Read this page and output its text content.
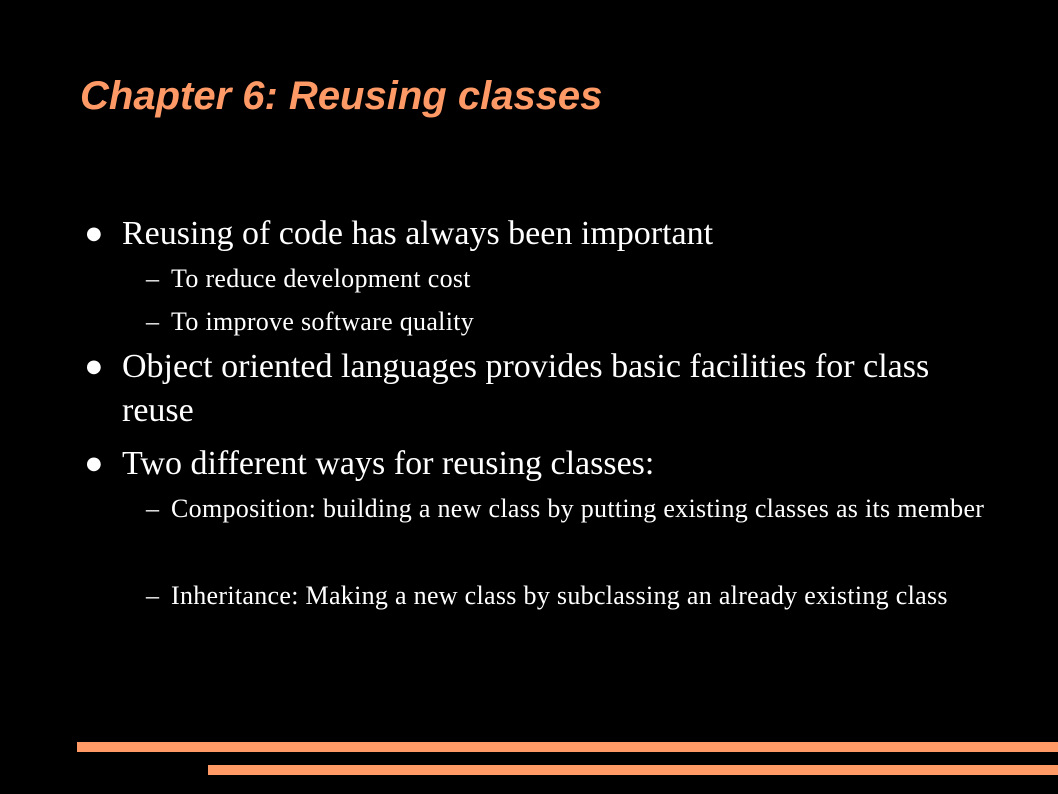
Chapter 6: Reusing classes
● Reusing of code has always been important
– To reduce development cost
– To improve software quality
● Object oriented languages provides basic facilities for class reuse
● Two different ways for reusing classes:
– Composition: building a new class by putting existing classes as its member
– Inheritance: Making a new class by subclassing an already existing class
